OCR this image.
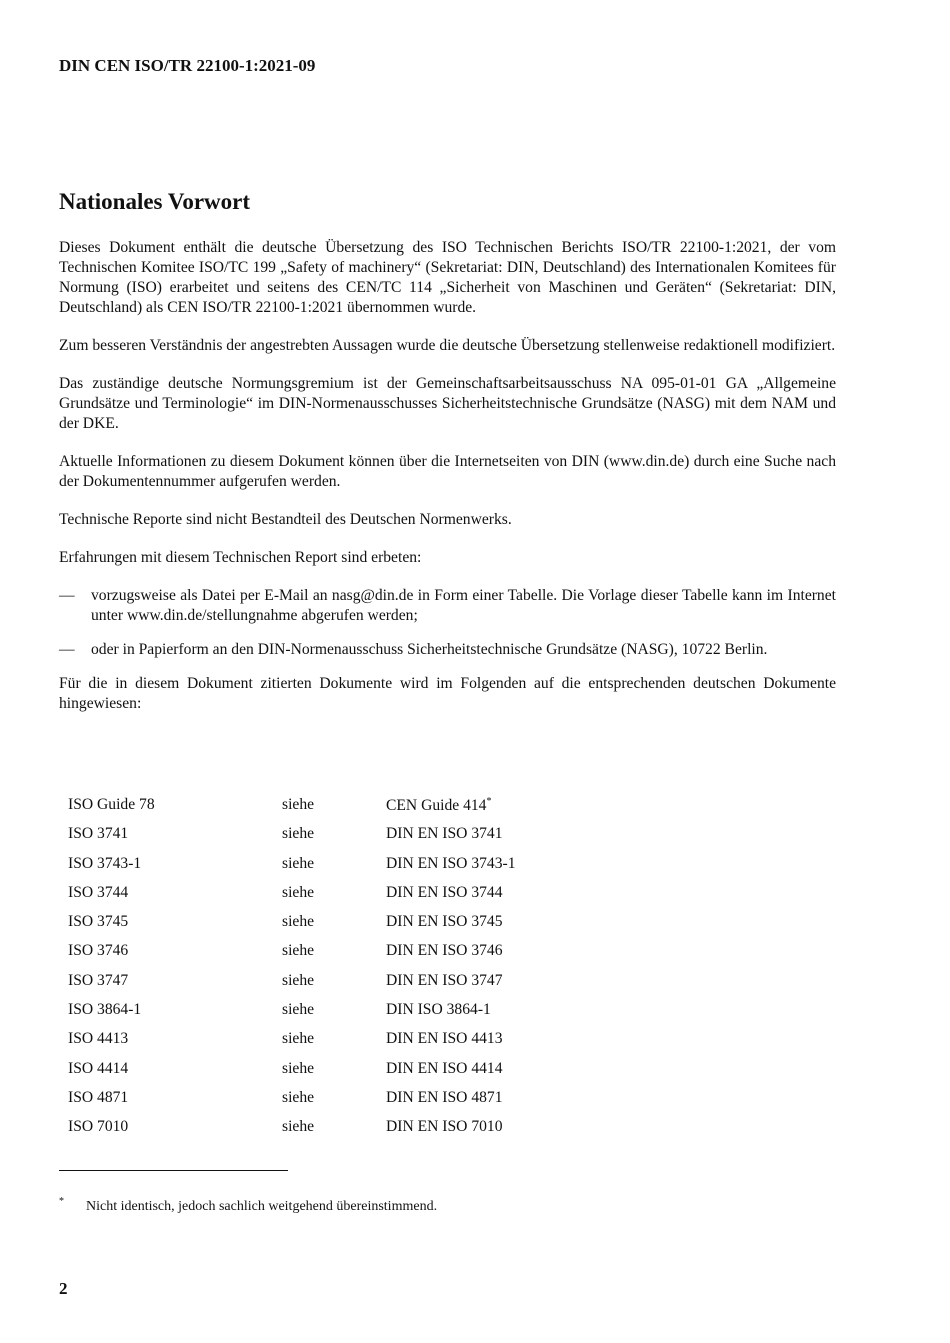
DIN CEN ISO/TR 22100-1:2021-09
Nationales Vorwort

Dieses Dokument enthält die deutsche Übersetzung des ISO Technischen Berichts ISO/TR 22100-1:2021, der vom Technischen Komitee ISO/TC 199 „Safety of machinery“ (Sekretariat: DIN, Deutschland) des Internationalen Komitees für Normung (ISO) erarbeitet und seitens des CEN/TC 114 „Sicherheit von Maschinen und Geräten“ (Sekretariat: DIN, Deutschland) als CEN ISO/TR 22100-1:2021 übernommen wurde.

Zum besseren Verständnis der angestrebten Aussagen wurde die deutsche Übersetzung stellenweise redaktionell modifiziert.

Das zuständige deutsche Normungsgremium ist der Gemeinschaftsarbeitsausschuss NA 095-01-01 GA „Allgemeine Grundsätze und Terminologie“ im DIN-Normenausschusses Sicherheitstechnische Grundsätze (NASG) mit dem NAM und der DKE.

Aktuelle Informationen zu diesem Dokument können über die Internetseiten von DIN (www.din.de) durch eine Suche nach der Dokumentennummer aufgerufen werden.

Technische Reporte sind nicht Bestandteil des Deutschen Normenwerks.

Erfahrungen mit diesem Technischen Report sind erbeten:

— vorzugsweise als Datei per E-Mail an nasg@din.de in Form einer Tabelle. Die Vorlage dieser Tabelle kann im Internet unter www.din.de/stellungnahme abgerufen werden;
— oder in Papierform an den DIN-Normenausschuss Sicherheitstechnische Grundsätze (NASG), 10722 Berlin.

Für die in diesem Dokument zitierten Dokumente wird im Folgenden auf die entsprechenden deutschen Dokumente hingewiesen:

ISO Guide 78	siehe	CEN Guide 414*
ISO 3741	siehe	DIN EN ISO 3741
ISO 3743-1	siehe	DIN EN ISO 3743-1
ISO 3744	siehe	DIN EN ISO 3744
ISO 3745	siehe	DIN EN ISO 3745
ISO 3746	siehe	DIN EN ISO 3746
ISO 3747	siehe	DIN EN ISO 3747
ISO 3864-1	siehe	DIN ISO 3864-1
ISO 4413	siehe	DIN EN ISO 4413
ISO 4414	siehe	DIN EN ISO 4414
ISO 4871	siehe	DIN EN ISO 4871
ISO 7010	siehe	DIN EN ISO 7010
* Nicht identisch, jedoch sachlich weitgehend übereinstimmend.
2
